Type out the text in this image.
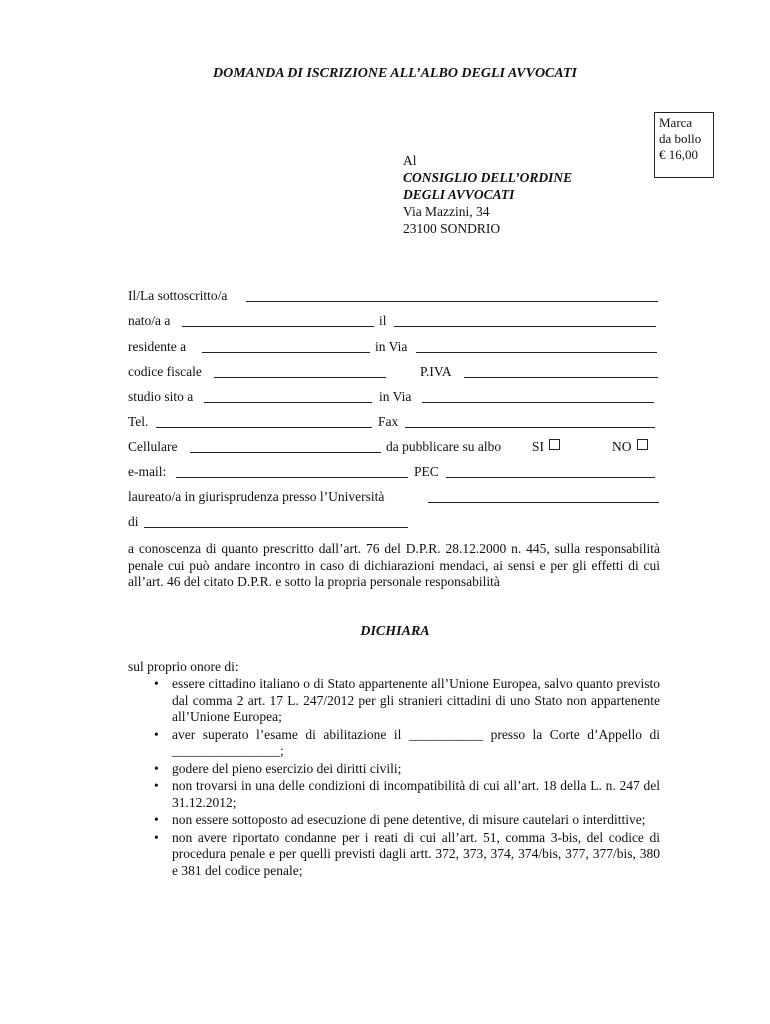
DOMANDA DI ISCRIZIONE ALL’ALBO DEGLI AVVOCATI
Marca
da bollo
€ 16,00
Al
CONSIGLIO DELL’ORDINE
DEGLI AVVOCATI
Via Mazzini, 34
23100 SONDRIO
Il/La sottoscritto/a
nato/a a	il
residente a	in Via
codice fiscale	P.IVA
studio sito a	in Via
Tel.	Fax
Cellulare	da pubblicare su albo SI	NO
e-mail:	PEC
laureato/a in giurisprudenza presso l’Università
di
a conoscenza di quanto prescritto dall’art. 76 del D.P.R. 28.12.2000 n. 445, sulla responsabilità penale cui può andare incontro in caso di dichiarazioni mendaci, ai sensi e per gli effetti di cui all’art. 46 del citato D.P.R. e sotto la propria personale responsabilità
DICHIARA
sul proprio onore di:
• essere cittadino italiano o di Stato appartenente all’Unione Europea, salvo quanto previsto dal comma 2 art. 17 L. 247/2012 per gli stranieri cittadini di uno Stato non appartenente all’Unione Europea;
• aver superato l’esame di abilitazione il ___________ presso la Corte d’Appello di ________________;
• godere del pieno esercizio dei diritti civili;
• non trovarsi in una delle condizioni di incompatibilità di cui all’art. 18 della L. n. 247 del 31.12.2012;
• non essere sottoposto ad esecuzione di pene detentive, di misure cautelari o interdittive;
• non avere riportato condanne per i reati di cui all’art. 51, comma 3-bis, del codice di procedura penale e per quelli previsti dagli artt. 372, 373, 374, 374/bis, 377, 377/bis, 380 e 381 del codice penale;
